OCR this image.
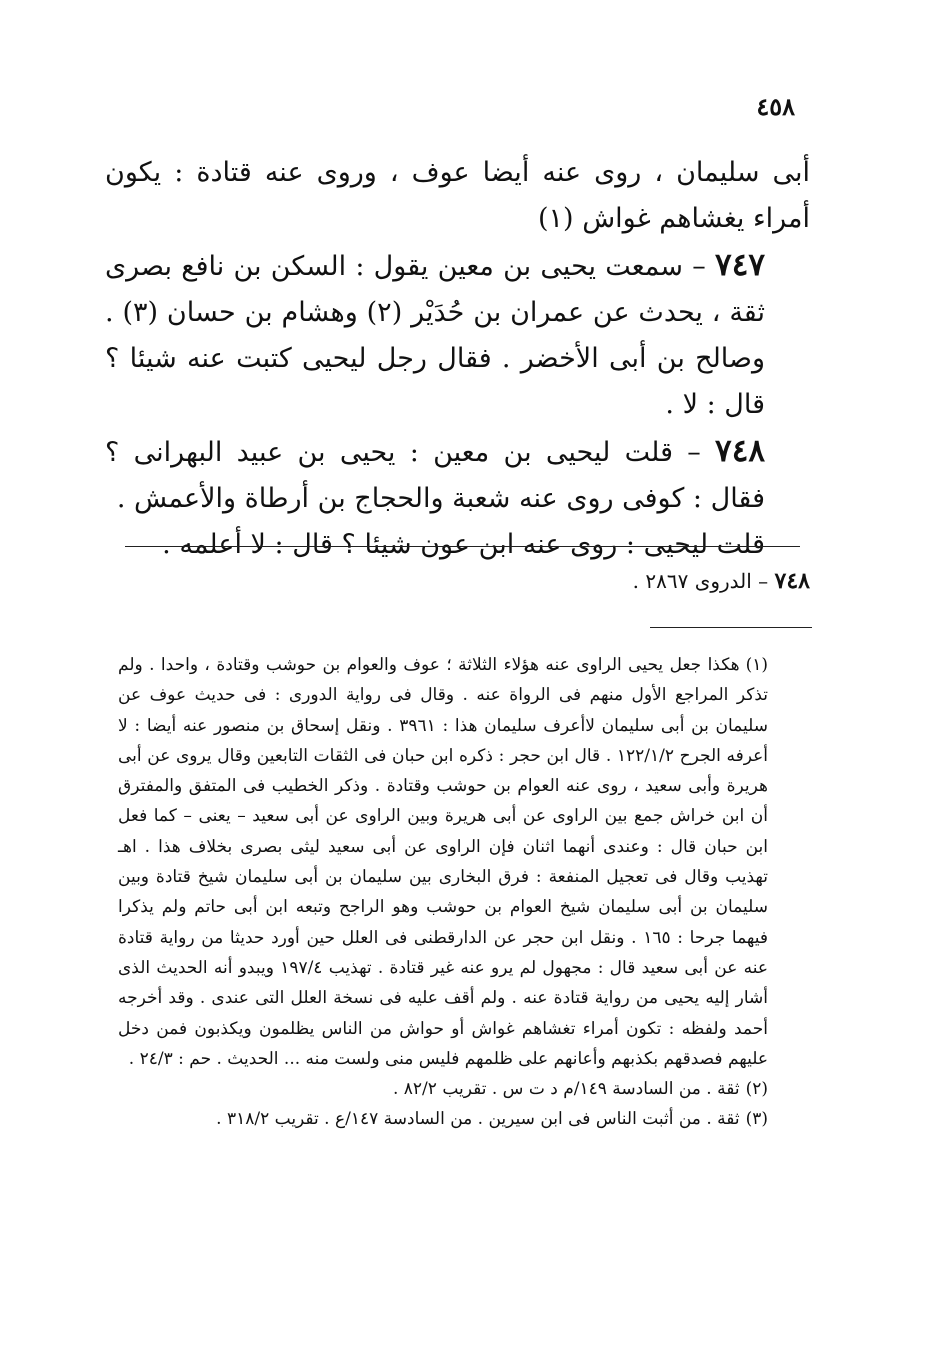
٤٥٨

أبى سليمان ، روى عنه أيضا عوف ، وروى عنه قتادة : يكون أمراء يغشاهم غواش (١)

٧٤٧ – سمعت يحيى بن معين يقول : السكن بن نافع بصرى ثقة ، يحدث عن عمران بن حُدَيْر (٢) وهشام بن حسان (٣) . وصالح بن أبى الأخضر . فقال رجل ليحيى كتبت عنه شيئا ؟ قال : لا .

٧٤٨ – قلت ليحيى بن معين : يحيى بن عبيد البهرانى ؟ فقال : كوفى روى عنه شعبة والحجاج بن أرطاة والأعمش .

قلت ليحيى : روى عنه ابن عون شيئا ؟ قال : لا أعلمه .

٧٤٨ – الدروى ٢٨٦٧ .

(١)هكذا جعل يحيى الراوى عنه هؤلاء الثلاثة ؛ عوف والعوام بن حوشب وقتادة ، واحدا . ولم تذكر المراجع الأول منهم فى الرواة عنه . وقال فى رواية الدورى : فى حديث عوف عن سليمان بن أبى سليمان لاأعرف سليمان هذا : ٣٩٦١ . ونقل إسحاق بن منصور عنه أيضا : لا أعرفه الجرح ١٢٢/١/٢ . قال ابن حجر : ذكره ابن حبان فى الثقات التابعين وقال يروى عن أبى هريرة وأبى سعيد ، روى عنه العوام بن حوشب وقتادة . وذكر الخطيب فى المتفق والمفترق أن ابن خراش جمع بين الراوى عن أبى هريرة وبين الراوى عن أبى سعيد – يعنى – كما فعل ابن حبان قال : وعندى أنهما اثنان فإن الراوى عن أبى سعيد ليثى بصرى بخلاف هذا . اهـ تهذيب وقال فى تعجيل المنفعة : فرق البخارى بين سليمان بن أبى سليمان شيخ قتادة وبين سليمان بن أبى سليمان شيخ العوام بن حوشب وهو الراجح وتبعه ابن أبى حاتم ولم يذكرا فيهما جرحا : ١٦٥ . ونقل ابن حجر عن الدارقطنى فى العلل حين أورد حديثا من رواية قتادة عنه عن أبى سعيد قال : مجهول لم يرو عنه غير قتادة . تهذيب ١٩٧/٤ ويبدو أنه الحديث الذى أشار إليه يحيى من رواية قتادة عنه . ولم أقف عليه فى نسخة العلل التى عندى . وقد أخرجه أحمد ولفظه : تكون أمراء تغشاهم غواش أو حواش من الناس يظلمون ويكذبون فمن دخل عليهم فصدقهم بكذبهم وأعانهم على ظلمهم فليس منى ولست منه ... الحديث . حم : ٢٤/٣ .

(٢)ثقة . من السادسة ١٤٩/م د ت س . تقريب ٨٢/٢ .

(٣)ثقة . من أثبت الناس فى ابن سيرين . من السادسة ١٤٧/ع . تقريب ٣١٨/٢ .
